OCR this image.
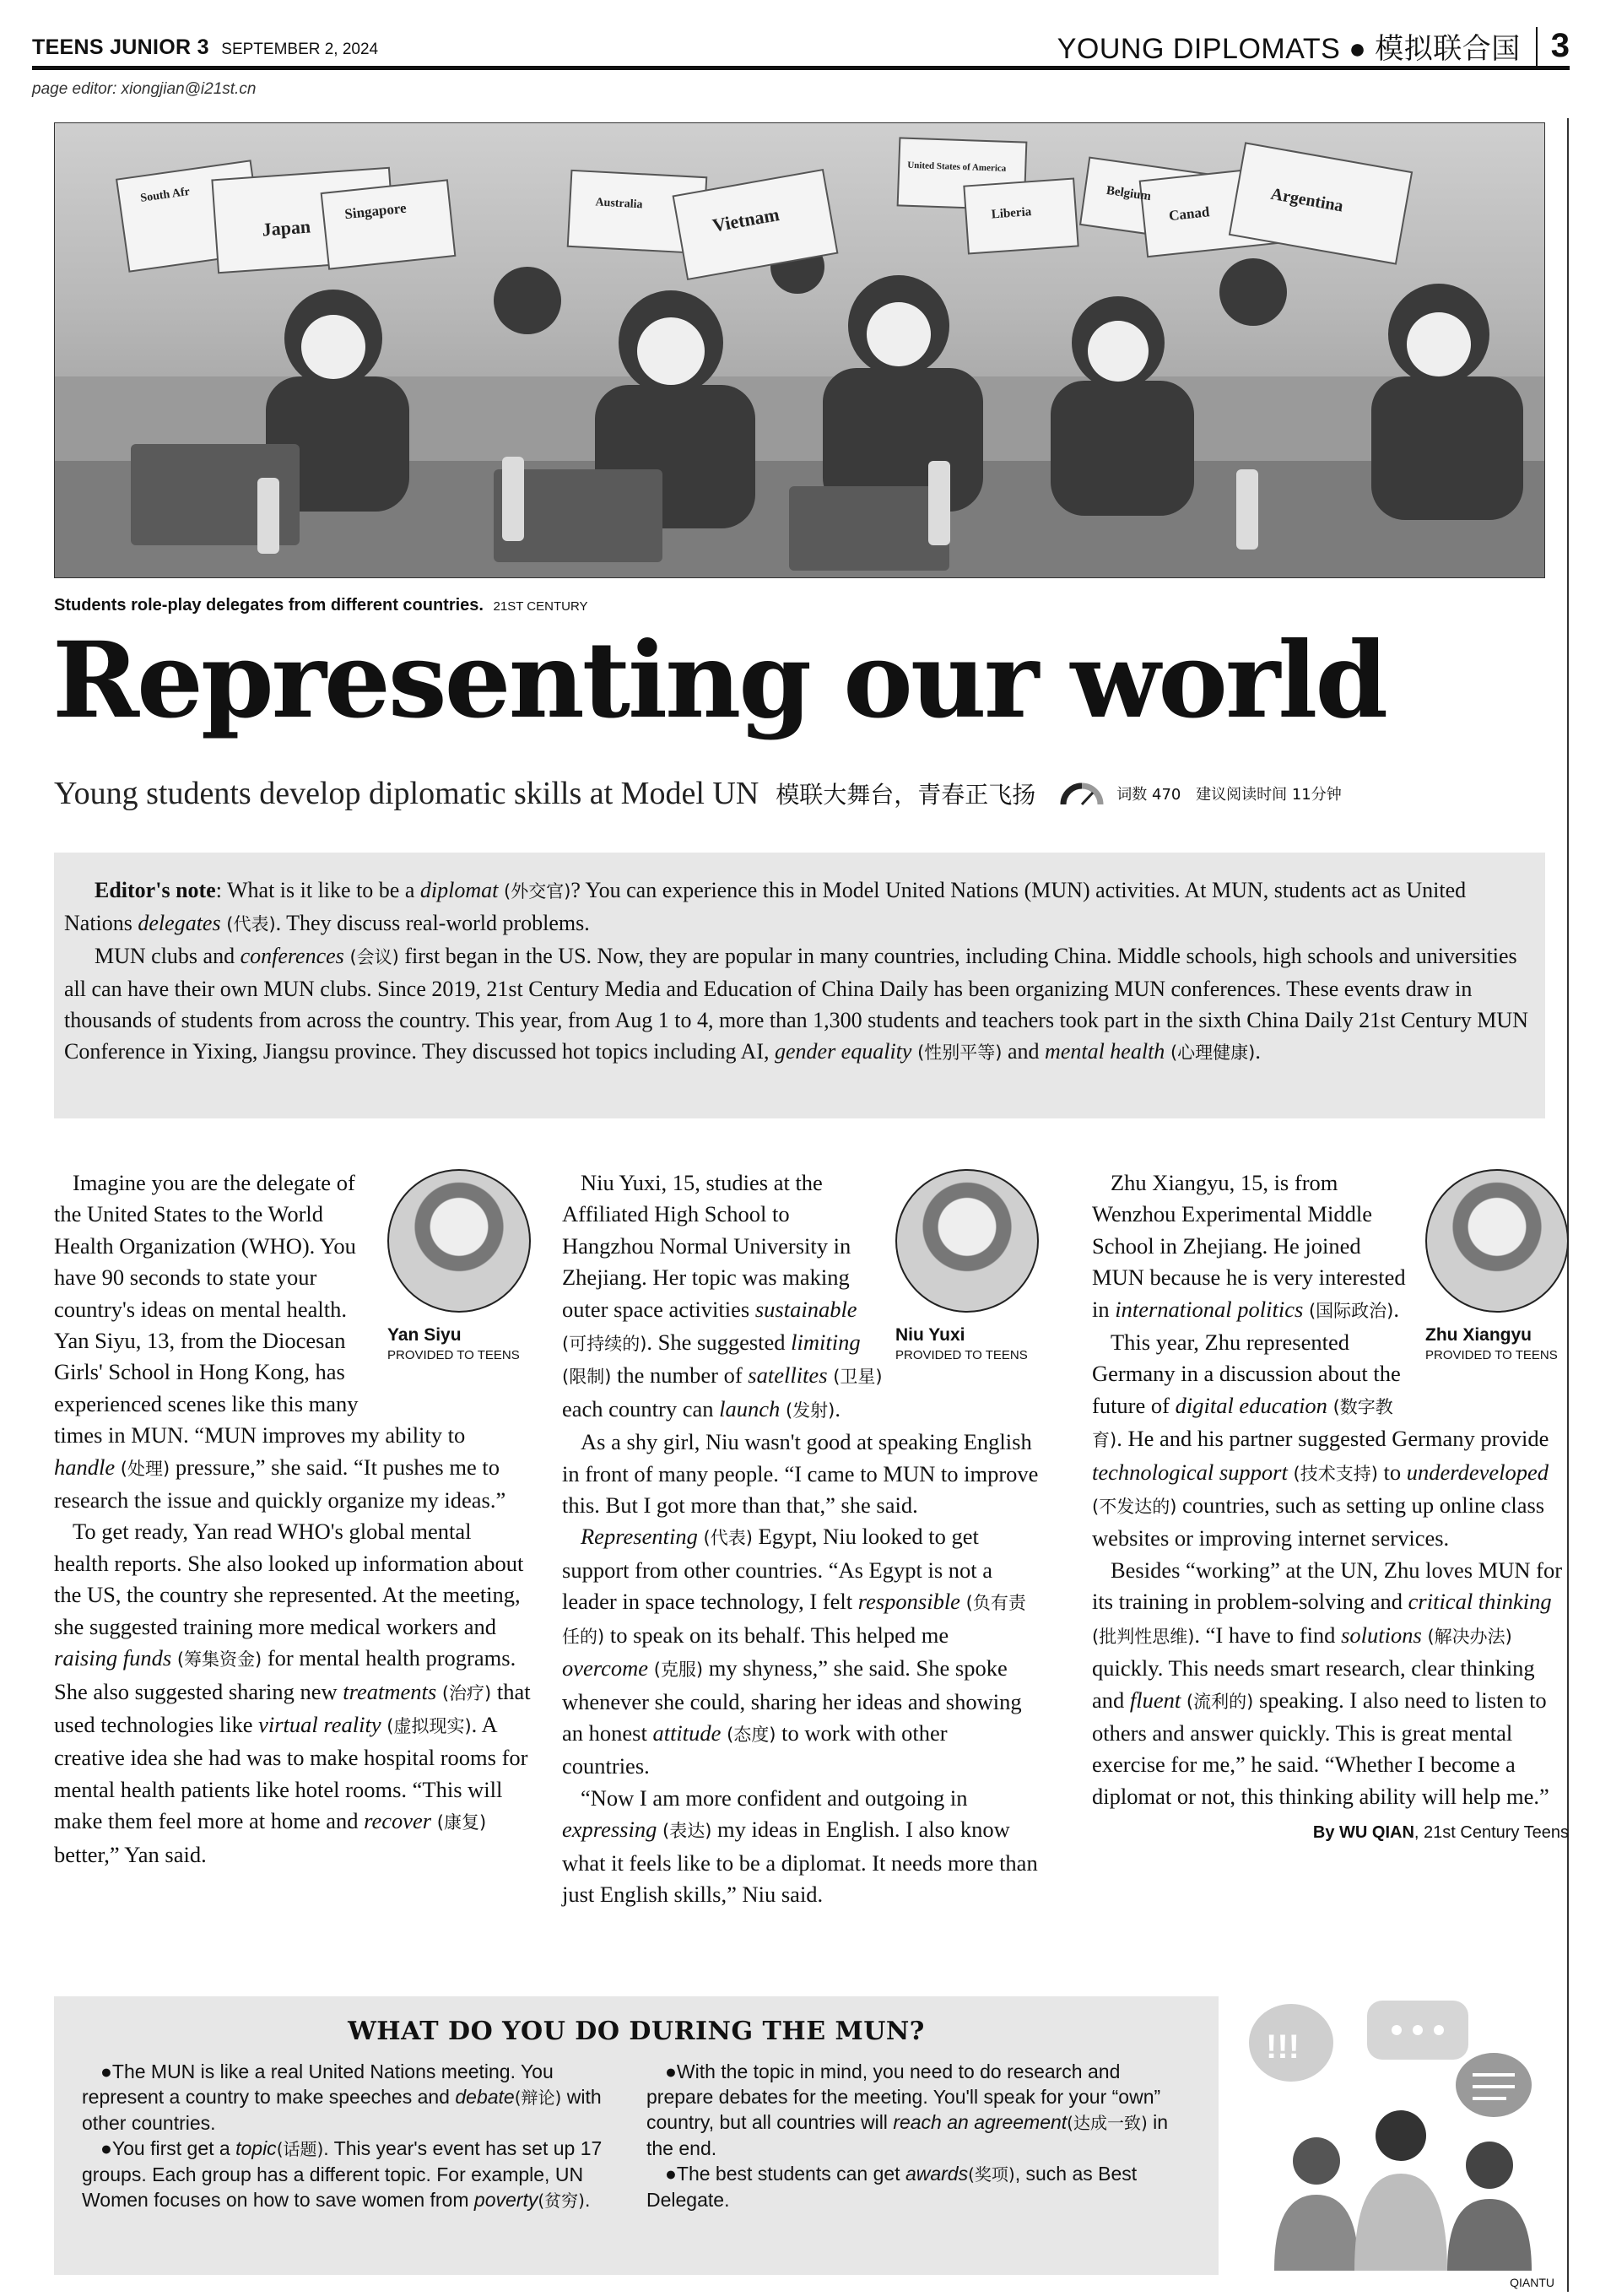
TEENS JUNIOR 3 SEPTEMBER 2, 2024	YOUNG DIPLOMATS ● 模拟联合国 3
page editor: xiongjian@i21st.cn
South Afr
Japan
Singapore	Australia	Vietnam
United States of America
Liberia
Belgium
Canad	Argentina
Students role-play delegates from different countries. 21ST CENTURY
Representing our world
Young students develop diplomatic skills at Model UN 模联大舞台，青春正飞扬	词数 470 建议阅读时间 11分钟

Editor's note: What is it like to be a diplomat (外交官)? You can experience this in Model United Nations (MUN) activities. At MUN, students act as United Nations delegates (代表). They discuss real-world problems.

MUN clubs and conferences (会议) first began in the US. Now, they are popular in many countries, including China. Middle schools, high schools and universities all can have their own MUN clubs. Since 2019, 21st Century Media and Education of China Daily has been organizing MUN conferences. These events draw in thousands of students from across the country. This year, from Aug 1 to 4, more than 1,300 students and teachers took part in the sixth China Daily 21st Century MUN Conference in Yixing, Jiangsu province. They discussed hot topics including AI, gender equality (性别平等) and mental health (心理健康).

Yan Siyu
PROVIDED TO TEENS

Imagine you are the delegate of the United States to the World Health Organization (WHO). You have 90 seconds to state your country's ideas on mental health. Yan Siyu, 13, from the Diocesan Girls' School in Hong Kong, has experienced scenes like this many times in MUN. “MUN improves my ability to handle (处理) pressure,” she said. “It pushes me to research the issue and quickly organize my ideas.”

To get ready, Yan read WHO's global mental health reports. She also looked up information about the US, the country she represented. At the meeting, she suggested training more medical workers and raising funds (筹集资金) for mental health programs. She also suggested sharing new treatments (治疗) that used technologies like virtual reality (虚拟现实). A creative idea she had was to make hospital rooms for mental health patients like hotel rooms. “This will make them feel more at home and recover (康复) better,” Yan said.

Niu Yuxi
PROVIDED TO TEENS

Niu Yuxi, 15, studies at the Affiliated High School to Hangzhou Normal University in Zhejiang. Her topic was making outer space activities sustainable (可持续的). She suggested limiting (限制) the number of satellites (卫星) each country can launch (发射).

As a shy girl, Niu wasn't good at speaking English in front of many people. “I came to MUN to improve this. But I got more than that,” she said.

Representing (代表) Egypt, Niu looked to get support from other countries. “As Egypt is not a leader in space technology, I felt responsible (负有责任的) to speak on its behalf. This helped me overcome (克服) my shyness,” she said. She spoke whenever she could, sharing her ideas and showing an honest attitude (态度) to work with other countries.

“Now I am more confident and outgoing in expressing (表达) my ideas in English. I also know what it feels like to be a diplomat. It needs more than just English skills,” Niu said.

Zhu Xiangyu
PROVIDED TO TEENS

Zhu Xiangyu, 15, is from Wenzhou Experimental Middle School in Zhejiang. He joined MUN because he is very interested in international politics (国际政治).

This year, Zhu represented Germany in a discussion about the future of digital education (数字教育). He and his partner suggested Germany provide technological support (技术支持) to underdeveloped (不发达的) countries, such as setting up online class websites or improving internet services.

Besides “working” at the UN, Zhu loves MUN for its training in problem-solving and critical thinking (批判性思维). “I have to find solutions (解决办法) quickly. This needs smart research, clear thinking and fluent (流利的) speaking. I also need to listen to others and answer quickly. This is great mental exercise for me,” he said. “Whether I become a diplomat or not, this thinking ability will help me.”

By WU QIAN, 21st Century Teens
WHAT DO YOU DO DURING THE MUN?

●The MUN is like a real United Nations meeting. You represent a country to make speeches and debate(辩论) with other countries.

●You first get a topic(话题). This year's event has set up 17 groups. Each group has a different topic. For example, UN Women focuses on how to save women from poverty(贫穷).

●With the topic in mind, you need to do research and prepare debates for the meeting. You'll speak for your “own” country, but all countries will reach an agreement(达成一致) in the end.

●The best students can get awards(奖项), such as Best Delegate.

!!!
QIANTU
